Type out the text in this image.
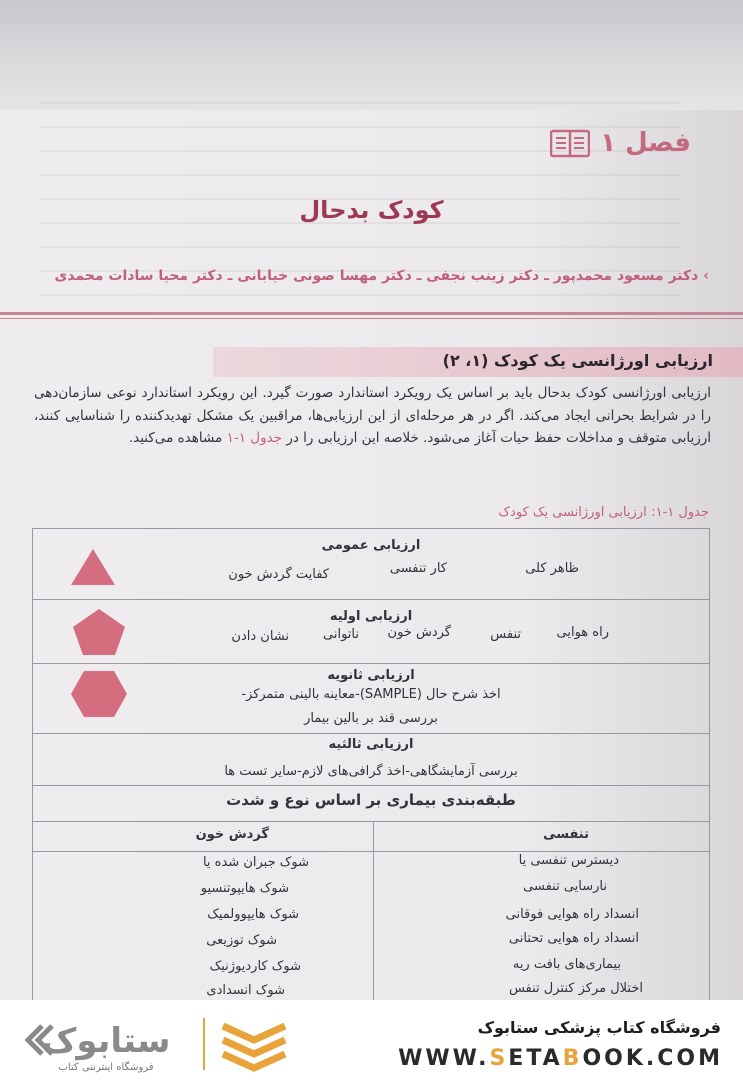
فصل ۱
کودک بدحال
› دکتر مسعود محمدپور ـ دکتر زینب نجفی ـ دکتر مهسا صونی خیابانی ـ دکتر محیا سادات محمدی
ارزیابی اورژانسی یک کودک (۱، ۲)
ارزیابی اورژانسی کودک بدحال باید بر اساس یک رویکرد استاندارد صورت گیرد. این رویکرد استاندارد نوعی سازمان‌دهی را در شرایط بحرانی ایجاد می‌کند. اگر در هر مرحله‌ای از این ارزیابی‌ها، مراقبین یک مشکل تهدیدکننده را شناسایی کنند، ارزیابی متوقف و مداخلات حفظ حیات آغاز می‌شود. خلاصه این ارزیابی را در جدول ۱-۱ مشاهده می‌کنید.
جدول ۱-۱: ارزیابی اورژانسی یک کودک
ارزیابی عمومی
ظاهر کلی
کار تنفسی
کفایت گردش خون
ارزیابی اولیه
راه هوایی
تنفس
گردش خون
ناتوانی
نشان دادن
ارزیابی ثانویه
اخذ شرح حال (SAMPLE)-معاینه بالینی متمرکز-
بررسی قند بر بالین بیمار
ارزیابی ثالثیه
بررسی آزمایشگاهی-اخذ گرافی‌های لازم-سایر تست ها
طبقه‌بندی بیماری بر اساس نوع و شدت
تنفسی
گردش خون
دیسترس تنفسی یا
نارسایی تنفسی
انسداد راه هوایی فوقانی
انسداد راه هوایی تحتانی
بیماری‌های بافت ریه
اختلال مرکز کنترل تنفس
شوک جبران شده یا
شوک هایپوتنسیو
شوک هایپوولمیک
شوک توزیعی
شوک کاردیوژنیک
شوک انسدادی
فروشگاه کتاب پزشکی ستابوک
WWW.SETABOOK.COM
ستابوک
فروشگاه اینترنتی کتاب
